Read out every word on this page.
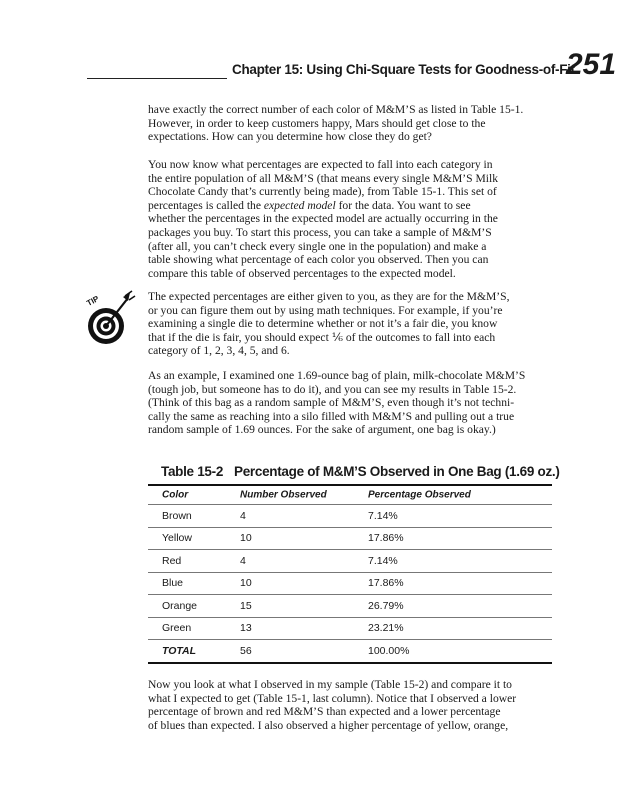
Chapter 15: Using Chi-Square Tests for Goodness-of-Fit
251

have exactly the correct number of each color of M&M’S as listed in Table 15-1.
However, in order to keep customers happy, Mars should get close to the
expectations. How can you determine how close they do get?

You now know what percentages are expected to fall into each category in
the entire population of all M&M’S (that means every single M&M’S Milk
Chocolate Candy that’s currently being made), from Table 15-1. This set of
percentages is called the expected model for the data. You want to see
whether the percentages in the expected model are actually occurring in the
packages you buy. To start this process, you can take a sample of M&M’S
(after all, you can’t check every single one in the population) and make a
table showing what percentage of each color you observed. Then you can
compare this table of observed percentages to the expected model.

TIP	The expected percentages are either given to you, as they are for the M&M’S,
or you can figure them out by using math techniques. For example, if you’re
examining a single die to determine whether or not it’s a fair die, you know
that if the die is fair, you should expect ⅙ of the outcomes to fall into each
category of 1, 2, 3, 4, 5, and 6.

As an example, I examined one 1.69-ounce bag of plain, milk-chocolate M&M’S
(tough job, but someone has to do it), and you can see my results in Table 15-2.
(Think of this bag as a random sample of M&M’S, even though it’s not techni-
cally the same as reaching into a silo filled with M&M’S and pulling out a true
random sample of 1.69 ounces. For the sake of argument, one bag is okay.)

Table 15-2 Percentage of M&M’S Observed in One Bag (1.69 oz.)
Color	Number Observed	Percentage Observed
Brown	4	7.14%
Yellow	10	17.86%
Red	4	7.14%
Blue	10	17.86%
Orange	15	26.79%
Green	13	23.21%
TOTAL	56	100.00%

Now you look at what I observed in my sample (Table 15-2) and compare it to
what I expected to get (Table 15-1, last column). Notice that I observed a lower
percentage of brown and red M&M’S than expected and a lower percentage
of blues than expected. I also observed a higher percentage of yellow, orange,
